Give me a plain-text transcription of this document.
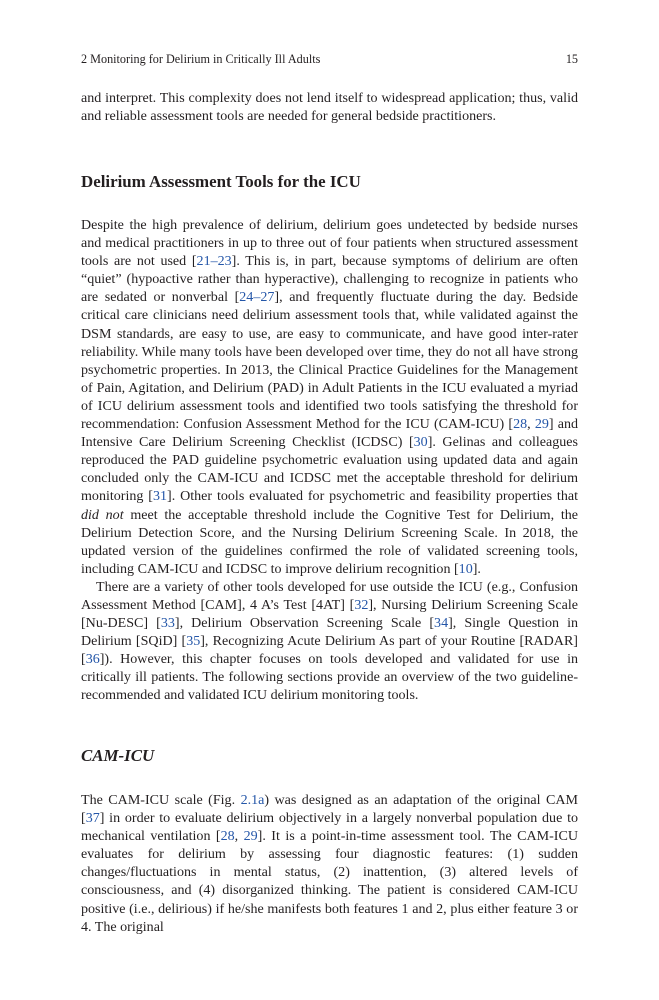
2 Monitoring for Delirium in Critically Ill Adults	15

and interpret. This complexity does not lend itself to widespread application; thus, valid and reliable assessment tools are needed for general bedside practitioners.

Delirium Assessment Tools for the ICU

Despite the high prevalence of delirium, delirium goes undetected by bedside nurses and medical practitioners in up to three out of four patients when structured assessment tools are not used [21–23]. This is, in part, because symptoms of delirium are often “quiet” (hypoactive rather than hyperactive), challenging to recognize in patients who are sedated or nonverbal [24–27], and frequently fluctuate during the day. Bedside critical care clinicians need delirium assessment tools that, while validated against the DSM standards, are easy to use, are easy to communicate, and have good inter-rater reliability. While many tools have been developed over time, they do not all have strong psychometric properties. In 2013, the Clinical Practice Guidelines for the Management of Pain, Agitation, and Delirium (PAD) in Adult Patients in the ICU evaluated a myriad of ICU delirium assessment tools and identified two tools satisfying the threshold for recommendation: Confusion Assessment Method for the ICU (CAM-ICU) [28, 29] and Intensive Care Delirium Screening Checklist (ICDSC) [30]. Gelinas and colleagues reproduced the PAD guideline psychometric evaluation using updated data and again concluded only the CAM-ICU and ICDSC met the acceptable threshold for delirium monitoring [31]. Other tools evaluated for psychometric and feasibility properties that did not meet the acceptable threshold include the Cognitive Test for Delirium, the Delirium Detection Score, and the Nursing Delirium Screening Scale. In 2018, the updated version of the guidelines confirmed the role of validated screening tools, including CAM-ICU and ICDSC to improve delirium recognition [10].

There are a variety of other tools developed for use outside the ICU (e.g., Confusion Assessment Method [CAM], 4 A’s Test [4AT] [32], Nursing Delirium Screening Scale [Nu-DESC] [33], Delirium Observation Screening Scale [34], Single Question in Delirium [SQiD] [35], Recognizing Acute Delirium As part of your Routine [RADAR] [36]). However, this chapter focuses on tools developed and validated for use in critically ill patients. The following sections provide an overview of the two guideline-recommended and validated ICU delirium monitoring tools.

CAM-ICU

The CAM-ICU scale (Fig. 2.1a) was designed as an adaptation of the original CAM [37] in order to evaluate delirium objectively in a largely nonverbal population due to mechanical ventilation [28, 29]. It is a point-in-time assessment tool. The CAM-ICU evaluates for delirium by assessing four diagnostic features: (1) sudden changes/fluctuations in mental status, (2) inattention, (3) altered levels of consciousness, and (4) disorganized thinking. The patient is considered CAM-ICU positive (i.e., delirious) if he/she manifests both features 1 and 2, plus either feature 3 or 4. The original
